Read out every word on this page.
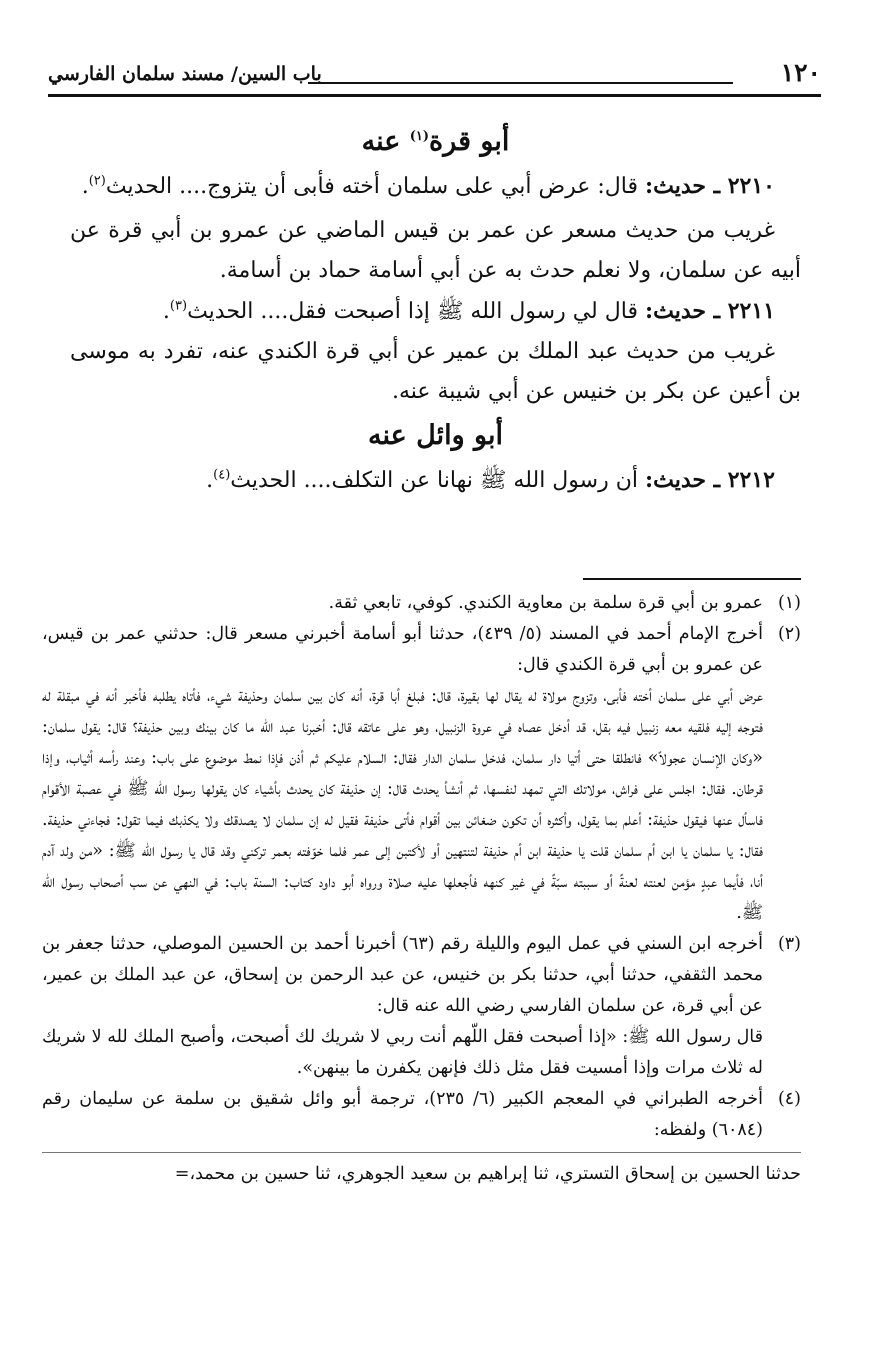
١٢٠
باب السين/ مسند سلمان الفارسي
أبو قرة$^{(١)}$ عنه

٢٢١٠ ـ حديث: قال: عرض أبي على سلمان أخته فأبى أن يتزوج.... الحديث$^{(٢)}$.

غريب من حديث مسعر عن عمر بن قيس الماضي عن عمرو بن أبي قرة عن أبيه عن سلمان، ولا نعلم حدث به عن أبي أسامة حماد بن أسامة.

٢٢١١ ـ حديث: قال لي رسول الله ﷺ إذا أصبحت فقل.... الحديث$^{(٣)}$.

غريب من حديث عبد الملك بن عمير عن أبي قرة الكندي عنه، تفرد به موسى بن أعين عن بكر بن خنيس عن أبي شيبة عنه.

أبو وائل عنه

٢٢١٢ ـ حديث: أن رسول الله ﷺ نهانا عن التكلف.... الحديث$^{(٤)}$.

(١)

عمرو بن أبي قرة سلمة بن معاوية الكندي. كوفي، تابعي ثقة.

(٢)

أخرج الإمام أحمد في المسند (٥/ ٤٣٩)، حدثنا أبو أسامة أخبرني مسعر قال: حدثني عمر بن قيس، عن عمرو بن أبي قرة الكندي قال:

عرض أبي على سلمان أخته فأبى، وتزوج مولاة له يقال لها بقيرة، قال: فبلغ أبا قرة، أنه كان بين سلمان وحذيفة شيء، فأتاه يطلبه فأخبر أنه في مبقلة له فتوجه إليه فلقيه معه زنبيل فيه بقل، قد أدخل عصاه في عروة الزنبيل، وهو على عاتقه قال: أخبرنا عبد الله ما كان بينك وبين حذيفة؟ قال: يقول سلمان: «وكان الإنسان عجولاً» فانطلقا حتى أتيا دار سلمان، فدخل سلمان الدار فقال: السلام عليكم ثم أذن فإذا نمط موضوع على باب: وعند رأسه أثياب، وإذا قرطان. فقال: اجلس على فراش، مولاتك التي تمهد لنفسها، ثم أنشأ يحدث قال: إن حذيفة كان يحدث بأشياء كان يقولها رسول الله ﷺ في عصبة الأقوام فاسأل عنها فيقول حذيفة: أعلم بما يقول، وأكثره أن تكون ضغائن بين أقوام فأتى حذيفة فقيل له إن سلمان لا يصدقك ولا يكذبك فيما تقول: فجاءني حذيفة. فقال: يا سلمان يا ابن أم سلمان قلت يا حذيفة ابن أم حذيفة لتنتهين أو لأكتبن إلى عمر فلما خوّفته بعمر تركني وقد قال يا رسول الله ﷺ: «من ولد آدم أنا، فأيما عبدٍ مؤمن لعنته لعنةً أو سببته سبّةً في غير كنهه فأجعلها عليه صلاة ورواه أبو داود كتاب: السنة باب: في النهي عن سب أصحاب رسول الله ﷺ.

(٣)

أخرجه ابن السني في عمل اليوم والليلة رقم (٦٣) أخبرنا أحمد بن الحسين الموصلي، حدثنا جعفر بن محمد الثقفي، حدثنا أبي، حدثنا بكر بن خنيس، عن عبد الرحمن بن إسحاق، عن عبد الملك بن عمير، عن أبي قرة، عن سلمان الفارسي رضي الله عنه قال:

قال رسول الله ﷺ: «إذا أصبحت فقل اللّهم أنت ربي لا شريك لك أصبحت، وأصبح الملك لله لا شريك له ثلاث مرات وإذا أمسيت فقل مثل ذلك فإنهن يكفرن ما بينهن».

(٤)

أخرجه الطبراني في المعجم الكبير (٦/ ٢٣٥)، ترجمة أبو وائل شقيق بن سلمة عن سليمان رقم (٦٠٨٤) ولفظه:

حدثنا الحسين بن إسحاق التستري، ثنا إبراهيم بن سعيد الجوهري، ثنا حسين بن محمد،=
